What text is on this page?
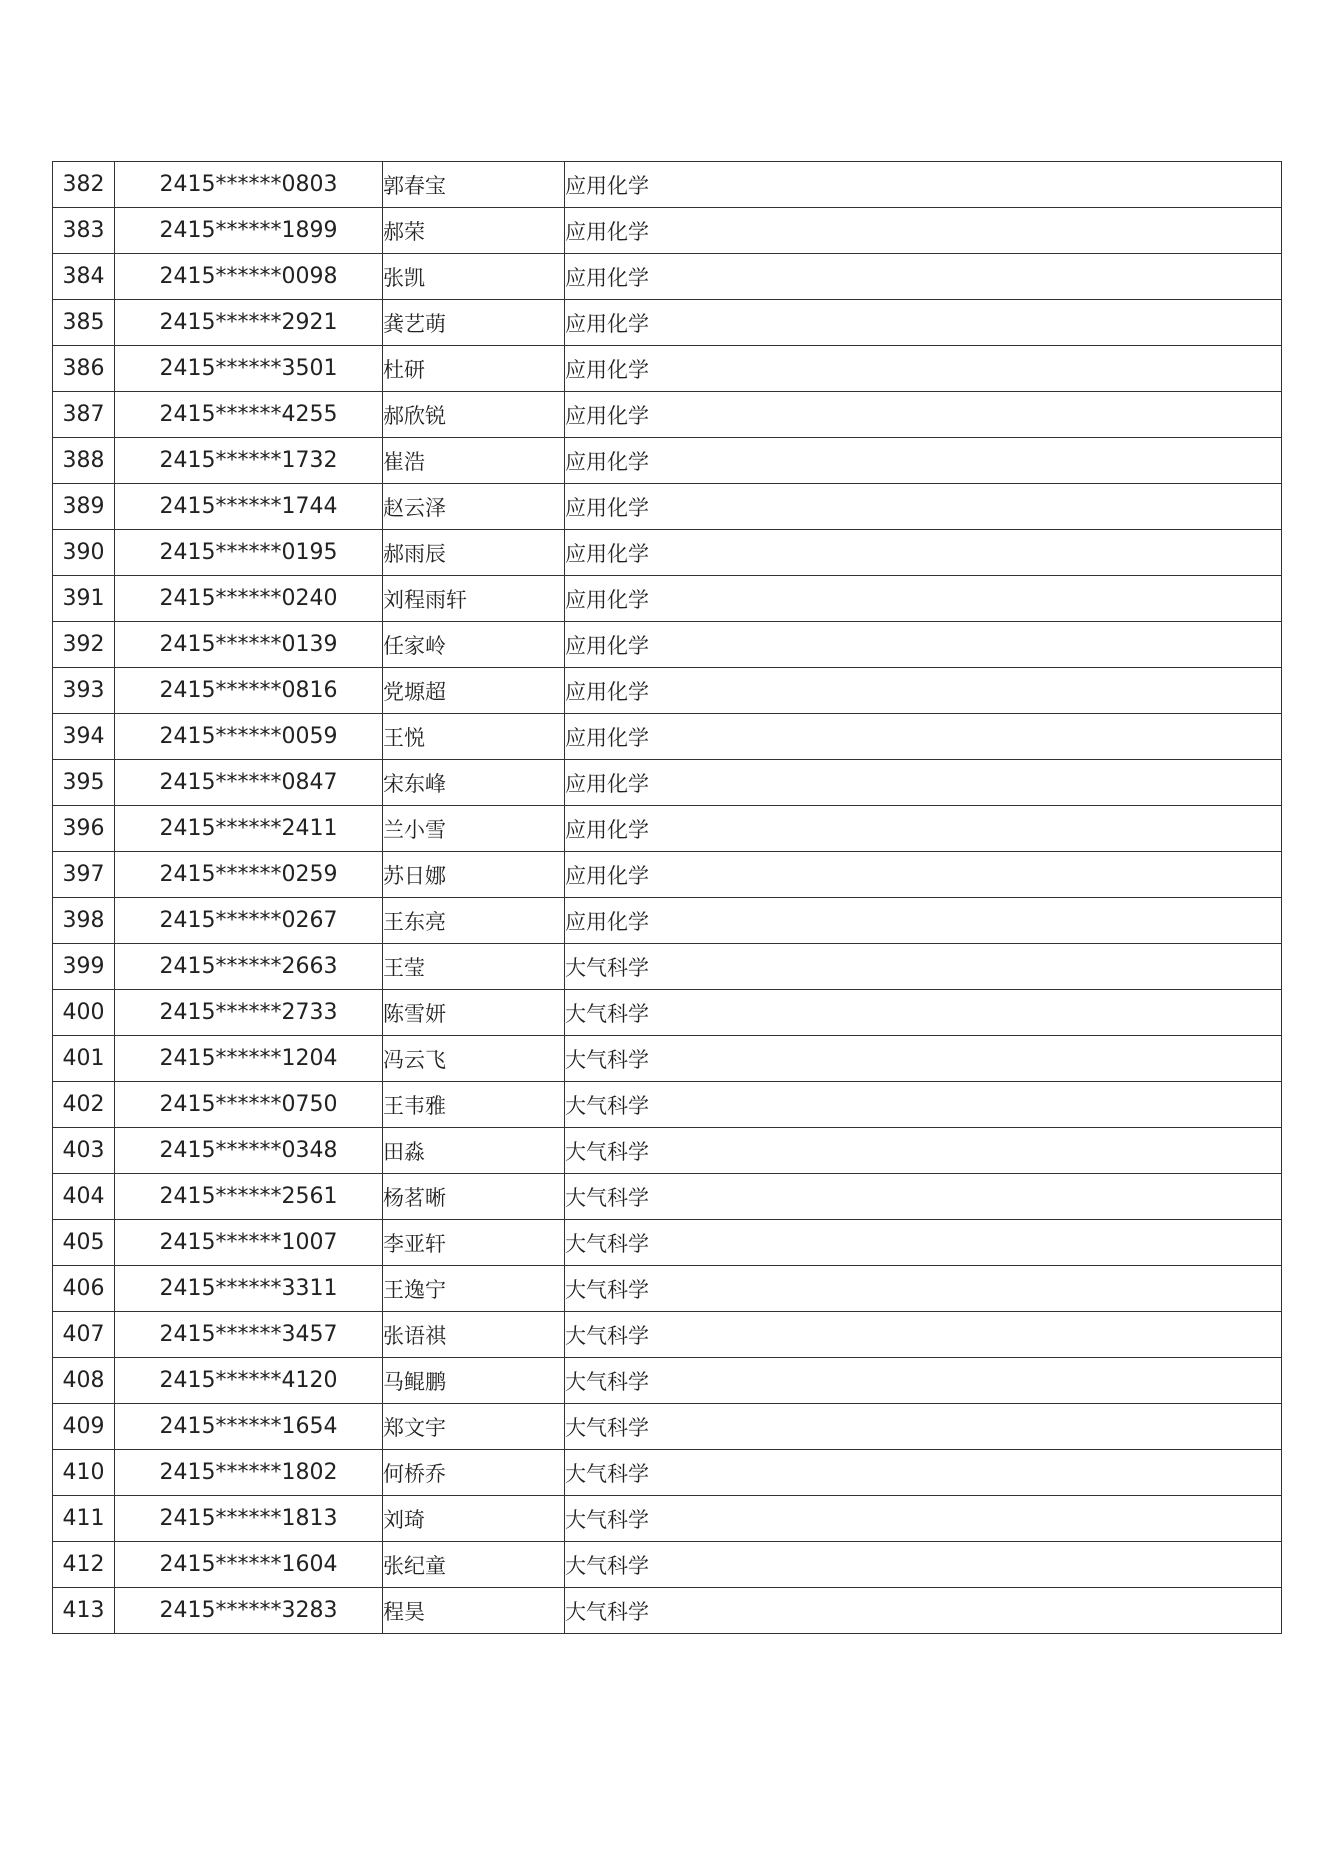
382	2415******0803	郭春宝	应用化学
383	2415******1899	郝荣	应用化学
384	2415******0098	张凯	应用化学
385	2415******2921	龚艺萌	应用化学
386	2415******3501	杜研	应用化学
387	2415******4255	郝欣锐	应用化学
388	2415******1732	崔浩	应用化学
389	2415******1744	赵云泽	应用化学
390	2415******0195	郝雨辰	应用化学
391	2415******0240	刘程雨轩	应用化学
392	2415******0139	任家岭	应用化学
393	2415******0816	党塬超	应用化学
394	2415******0059	王悦	应用化学
395	2415******0847	宋东峰	应用化学
396	2415******2411	兰小雪	应用化学
397	2415******0259	苏日娜	应用化学
398	2415******0267	王东亮	应用化学
399	2415******2663	王莹	大气科学
400	2415******2733	陈雪妍	大气科学
401	2415******1204	冯云飞	大气科学
402	2415******0750	王韦雅	大气科学
403	2415******0348	田淼	大气科学
404	2415******2561	杨茗晰	大气科学
405	2415******1007	李亚轩	大气科学
406	2415******3311	王逸宁	大气科学
407	2415******3457	张语祺	大气科学
408	2415******4120	马鲲鹏	大气科学
409	2415******1654	郑文宇	大气科学
410	2415******1802	何桥乔	大气科学
411	2415******1813	刘琦	大气科学
412	2415******1604	张纪童	大气科学
413	2415******3283	程昊	大气科学
